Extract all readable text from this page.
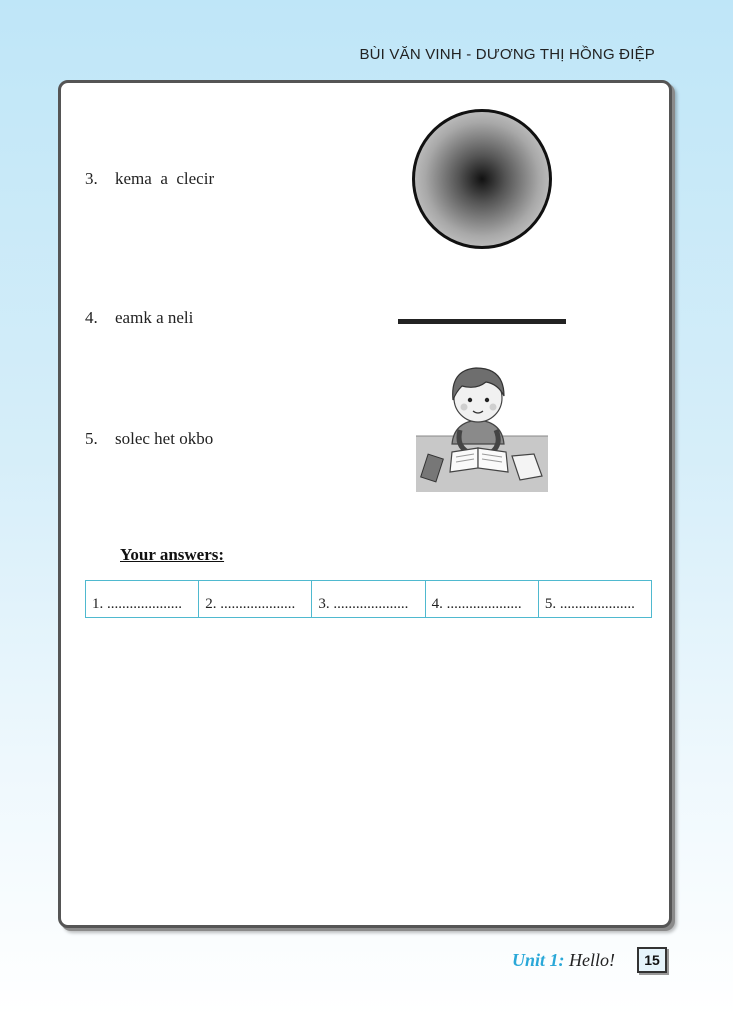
BÙI VĂN VINH - DƯƠNG THỊ HỒNG ĐIỆP
3. kema  a  clecir
4. eamk a neli
5. solec het okbo
Your answers:
1. ....................	2. ....................	3. ....................	4. ....................	5. ....................
Unit 1: Hello!	15
